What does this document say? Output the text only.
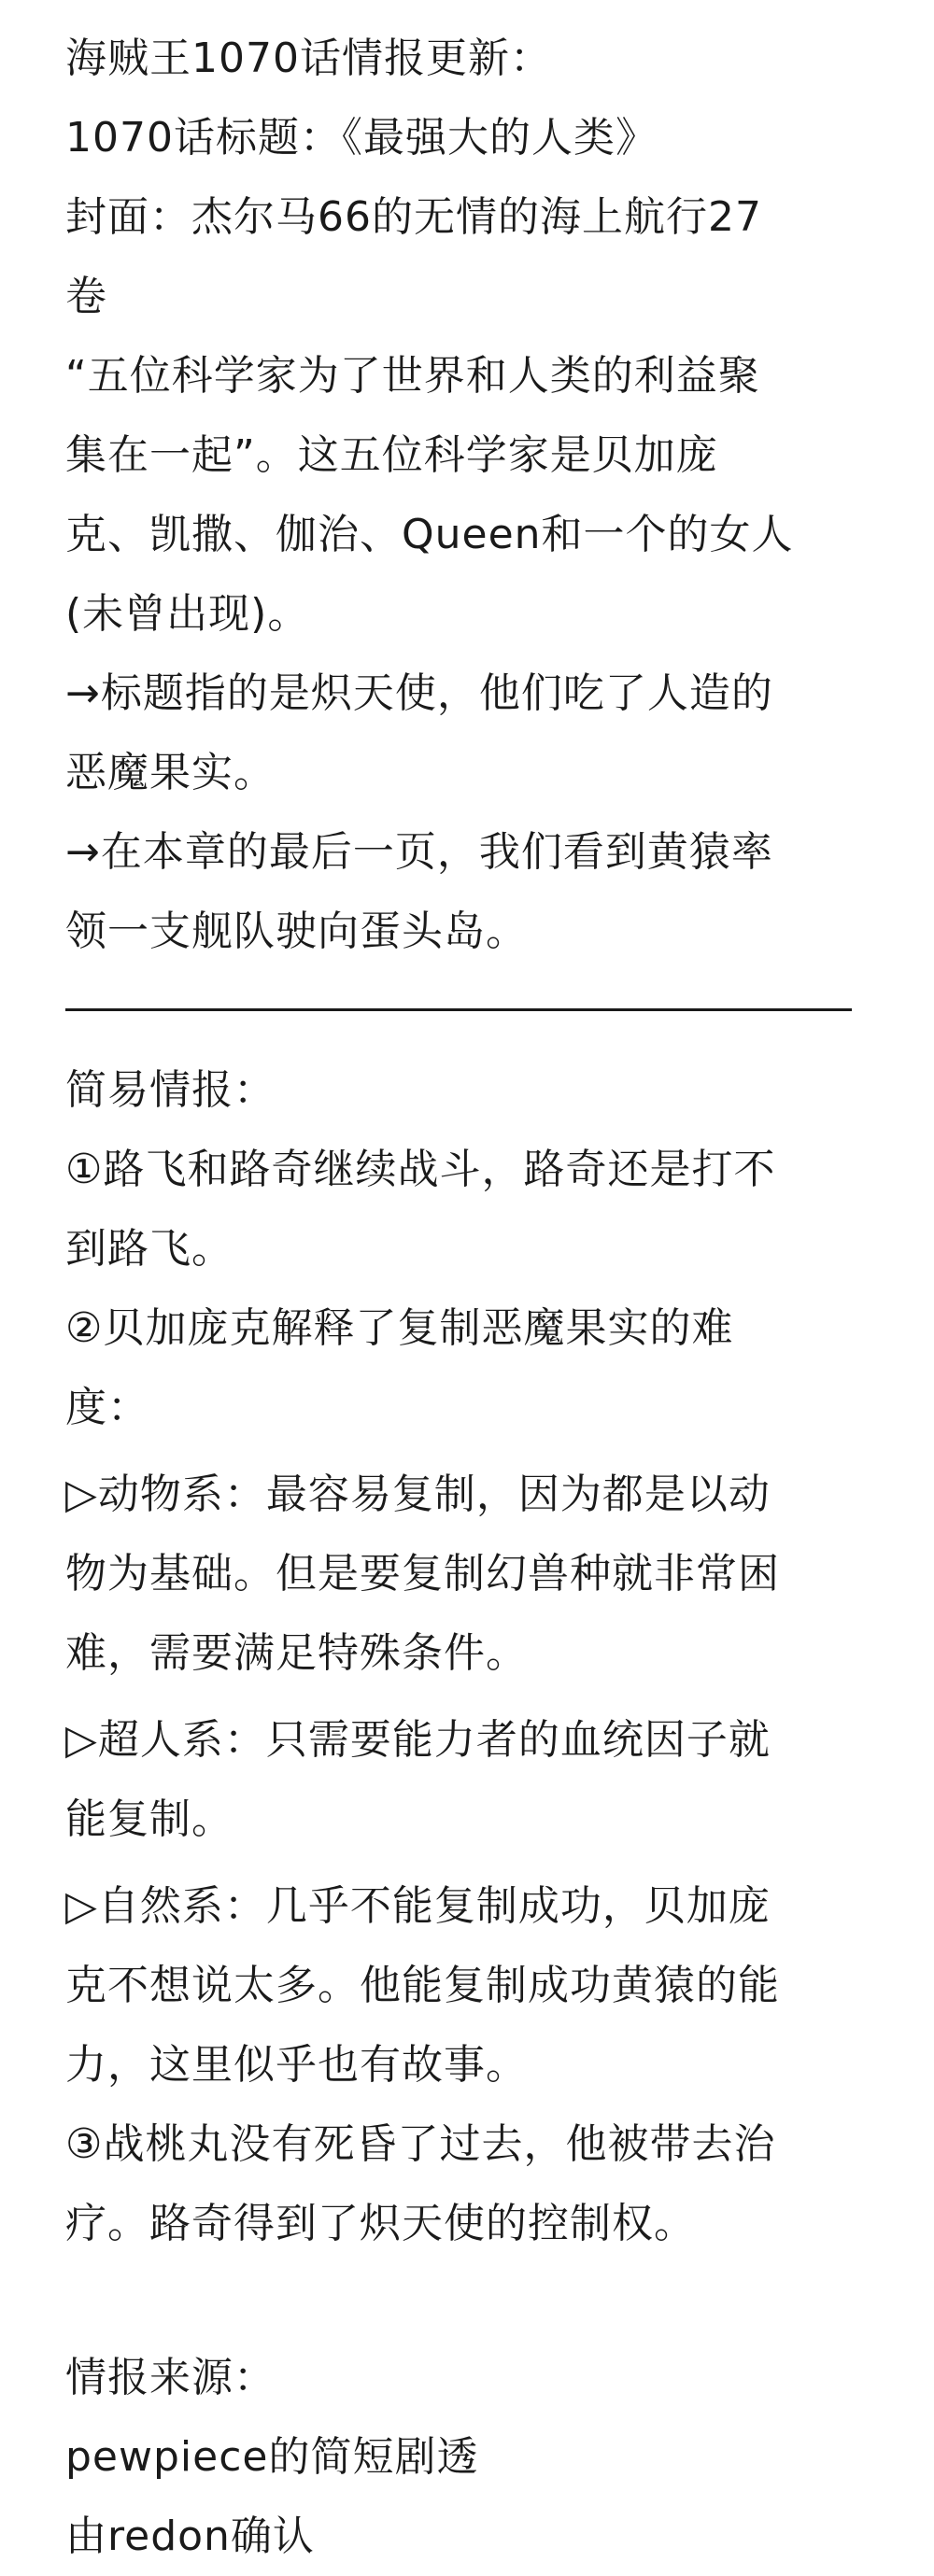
海贼王1070话情报更新：
1070话标题：《最强大的人类》
封面：杰尔马66的无情的海上航行27
卷
“五位科学家为了世界和人类的利益聚
集在一起”。这五位科学家是贝加庞
克、凯撒、伽治、Queen和一个的女人
(未曾出现)。
→标题指的是炽天使，他们吃了人造的
恶魔果实。
→在本章的最后一页，我们看到黄猿率
领一支舰队驶向蛋头岛。
简易情报：
①路飞和路奇继续战斗，路奇还是打不
到路飞。
②贝加庞克解释了复制恶魔果实的难
度：
▷动物系：最容易复制，因为都是以动
物为基础。但是要复制幻兽种就非常困
难，需要满足特殊条件。
▷超人系：只需要能力者的血统因子就
能复制。
▷自然系：几乎不能复制成功，贝加庞
克不想说太多。他能复制成功黄猿的能
力，这里似乎也有故事。
③战桃丸没有死昏了过去，他被带去治
疗。路奇得到了炽天使的控制权。
情报来源：
pewpiece的简短剧透
由redon确认
